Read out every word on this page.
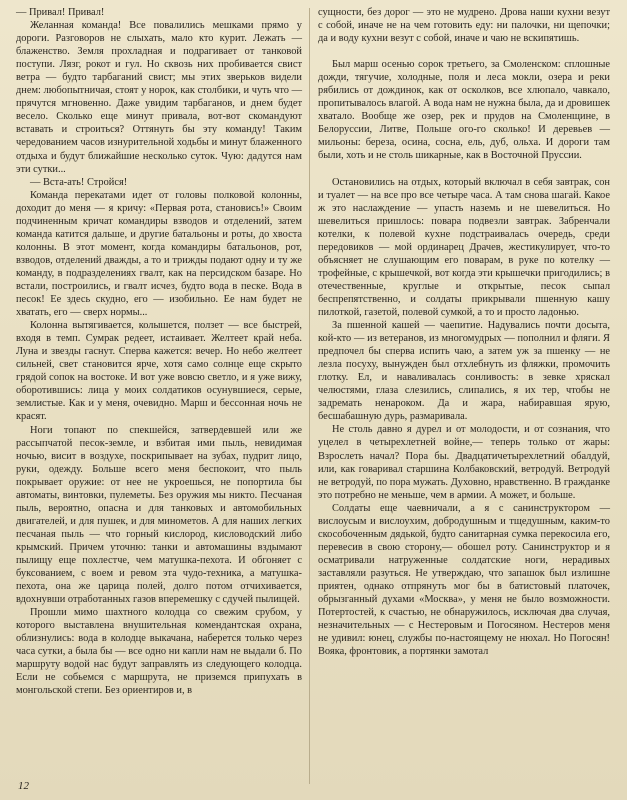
— Привал! Привал!

Желанная команда! Все повалились мешками прямо у дороги. Разговоров не слыхать, мало кто курит. Лежать — блаженство. Земля прохладная и подрагивает от танковой поступи. Лязг, рокот и гул. Но сквозь них пробивается свист ветра — будто тарбаганий свист; мы этих зверьков видели днем: любопытничая, стоят у норок, как столбики, и чуть что — прячутся мгновенно. Даже увидим тарбаганов, и днем будет весело. Сколько еще минут привала, вот-вот скомандуют вставать и строиться? Оттянуть бы эту команду! Таким чередованием часов изнурительной ходьбы и минут блаженного отдыха и будут ближайшие несколько суток. Чую: дадутся нам эти сутки...

— Вста-ать! Стройся!

Команда перекатами идет от головы полковой колонны, доходит до меня — я кричу: «Первая рота, становись!» Своим подчиненным кричат командиры взводов и отделений, затем команда катится дальше, и другие батальоны и роты, до хвоста колонны. В этот момент, когда командиры батальонов, рот, взводов, отделений дважды, а то и трижды подают одну и ту же команду, в подразделениях гвалт, как на персидском базаре. Но встали, построились, и гвалт исчез, будто вода в песке. Вода в песок! Ее здесь скудно, его — изобильно. Ее нам будет не хватать, его — сверх нормы...

Колонна вытягивается, колышется, ползет — все быстрей, входя в темп. Сумрак редеет, истаивает. Желтеет край неба. Луна и звезды гаснут. Сперва кажется: вечер. Но небо желтеет сильней, свет становится ярче, хотя само солнце еще скрыто грядой сопок на востоке. И вот уже вовсю светло, и я уже вижу, оборотившись: лица у моих солдатиков осунувшиеся, серые, землистые. Как и у меня, очевидно. Марш и бессонная ночь не красят.

Ноги топают по спекшейся, затвердевшей или же рассыпчатой песок-земле, и взбитая ими пыль, невидимая ночью, висит в воздухе, поскрипывает на зубах, пудрит лицо, руки, одежду. Больше всего меня беспокоит, что пыль покрывает оружие: от нее не укроешься, не попортила бы автоматы, винтовки, пулеметы. Без оружия мы никто. Песчаная пыль, вероятно, опасна и для танковых и автомобильных двигателей, и для пушек, и для минометов. А для наших легких песчаная пыль — что горный кислород, кисловодский либо крымский. Причем уточню: танки и автомашины вздымают пылищу еще похлестче, чем матушка-пехота. И обгоняет с буксованием, с воем и ревом эта чудо-техника, а матушка-пехота, она же царица полей, долго потом отчихивается, вдохнувши отработанных газов вперемешку с сдучей пылищей.

Прошли мимо шахтного колодца со свежим срубом, у которого выставлена внушительная комендантская охрана, облизнулись: вода в колодце выкачана, наберется только через часа сутки, а была бы — все одно ни капли нам не выдали б. По маршруту водой нас будут заправлять из следующего колодца. Если не собьемся с маршрута, не приземся припухать в монгольской степи. Без ориентиров и, в

сущности, без дорог — это не мудрено. Дрова наши кухни везут с собой, иначе не на чем готовить еду: ни палочки, ни щепочки; да и воду кухни везут с собой, иначе и чаю не вскипятишь.

Был марш осенью сорок третьего, за Смоленском: сплошные дожди, тягучие, холодные, поля и леса мокли, озера и реки рябились от дождинок, как от осколков, все хлюпало, чавкало, пропитывалось влагой. А вода нам не нужна была, да и дровишек хватало. Вообще же озер, рек и прудов на Смоленщине, в Белоруссии, Литве, Польше ого-го сколько! И деревьев — мильоны: береза, осина, сосна, ель, дуб, ольха. И дороги там были, хоть и не столь шикарные, как в Восточной Пруссии.

Остановились на отдых, который включал в себя завтрак, сон и туалет — на все про все четыре часа. А там снова шагай. Какое ж это наслаждение — упасть наземь и не шевелиться. Но шевелиться пришлось: повара подвезли завтрак. Забренчали котелки, к полевой кухне подстраивалась очередь, среди передовиков — мой ординарец Драчев, жестикулирует, что-то объясняет не слушающим его поварам, в руке по котелку — трофейные, с крышечкой, вот когда эти крышечки пригодились; в отечественные, круглые и открытые, песок сыпал беспрепятственно, и солдаты прикрывали пшенную кашу пилоткой, газетой, полевой сумкой, а то и просто ладонью.

За пшенной кашей — чаепитие. Надувались почти досыта, кой-кто — из ветеранов, из многомудрых — пополнил и фляги. Я предпочел бы сперва испить чаю, а затем уж за пшенку — не лезла посуху, вынужден был отхлебнуть из фляжки, промочить глотку. Ел, и наваливалась сонливость: в зевке хряскал челюстями, глаза слезились, слипались, я их тер, чтобы не задремать ненароком. Да и жара, набиравшая ярую, бесшабашную дурь, размаривала.

Не столь давно я дурел и от молодости, и от сознания, что уцелел в четырехлетней войне,— теперь только от жары: Взрослеть начал? Пора бы. Двадцатичетырехлетний обалдуй, или, как говаривал старшина Колбаковский, ветродуй. Ветродуй не ветродуй, по пора мужать. Духовно, нравственно. В гражданке это потребно не меньше, чем в армии. А может, и больше.

Солдаты еще чаевничали, а я с санинструктором — вислоусым и вислоухим, добродушным и тщедушным, каким-то скособоченным дядькой, будто санитарная сумка перекосила его, перевесив в свою сторону,— обошел роту. Санинструктор и я осматривали натруженные солдатские ноги, нерадивых заставляли разуться. Не утверждаю, что запашок был излишне приятен, однако отпрянуть мог бы в батистовый платочек, обрызганный духами «Москва», у меня не было возможности. Потертостей, к счастью, не обнаружилось, исключая два случая, незначительных — с Нестеровым и Погосяном. Нестеров меня не удивил: юнец, службы по-настоящему не нюхал. Но Погосян! Вояка, фронтовик, а портянки замотал

12
